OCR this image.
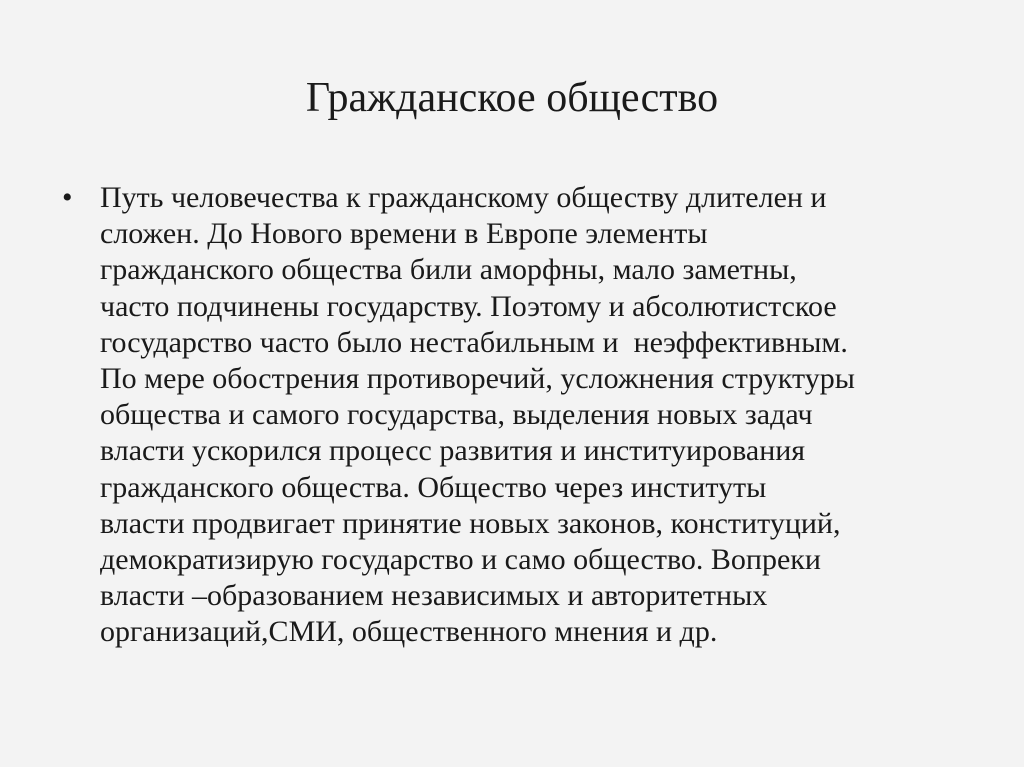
Гражданское общество
• Путь человечества к гражданскому обществу длителен и
сложен. До Нового времени в Европе элементы
гражданского общества били аморфны, мало заметны,
часто подчинены государству. Поэтому и абсолютистское
государство часто было нестабильным и  неэффективным.
По мере обострения противоречий, усложнения структуры
общества и самого государства, выделения новых задач
власти ускорился процесс развития и институирования
гражданского общества. Общество через институты
власти продвигает принятие новых законов, конституций,
демократизирую государство и само общество. Вопреки
власти –образованием независимых и авторитетных
организаций,СМИ, общественного мнения и др.
